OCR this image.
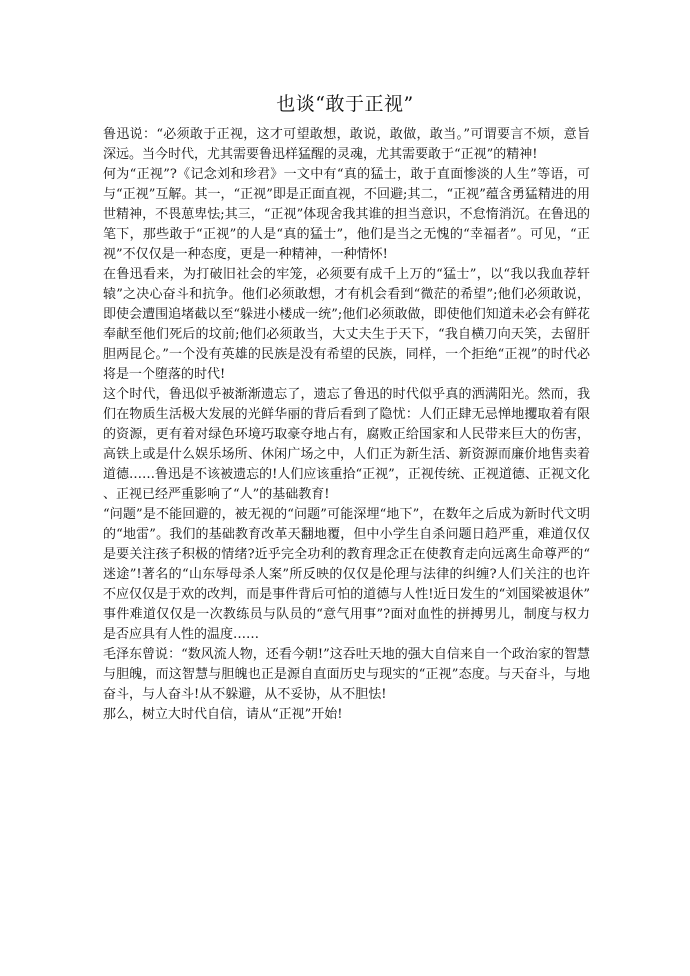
也谈“敢于正视”

鲁迅说：“必须敢于正视，这才可望敢想，敢说，敢做，敢当。”可谓要言不烦，意旨深远。当今时代，尤其需要鲁迅样猛醒的灵魂，尤其需要敢于“正视”的精神!

何为“正视”?《记念刘和珍君》一文中有“真的猛士，敢于直面惨淡的人生”等语，可与“正视”互解。其一，“正视”即是正面直视，不回避;其二，“正视”蕴含勇猛精进的用世精神，不畏葸卑怯;其三，“正视”体现舍我其谁的担当意识，不怠惰消沉。在鲁迅的笔下，那些敢于“正视”的人是“真的猛士”，他们是当之无愧的“幸福者”。可见，“正视”不仅仅是一种态度，更是一种精神，一种情怀!

在鲁迅看来，为打破旧社会的牢笼，必须要有成千上万的“猛士”，以“我以我血荐轩辕”之决心奋斗和抗争。他们必须敢想，才有机会看到“微茫的希望”;他们必须敢说，即使会遭围追堵截以至“躲进小楼成一统”;他们必须敢做，即使他们知道未必会有鲜花奉献至他们死后的坟前;他们必须敢当，大丈夫生于天下，“我自横刀向天笑，去留肝胆两昆仑。”一个没有英雄的民族是没有希望的民族，同样，一个拒绝“正视”的时代必将是一个堕落的时代!

这个时代，鲁迅似乎被渐渐遗忘了，遗忘了鲁迅的时代似乎真的洒满阳光。然而，我们在物质生活极大发展的光鲜华丽的背后看到了隐忧：人们正肆无忌惮地攫取着有限的资源，更有着对绿色环境巧取豪夺地占有，腐败正给国家和人民带来巨大的伤害，高铁上或是什么娱乐场所、休闲广场之中，人们正为新生活、新资源而廉价地售卖着道德……鲁迅是不该被遗忘的!人们应该重拾“正视”，正视传统、正视道德、正视文化、正视已经严重影响了“人”的基础教育!

“问题”是不能回避的，被无视的“问题”可能深埋“地下”，在数年之后成为新时代文明的“地雷”。我们的基础教育改革天翻地覆，但中小学生自杀问题日趋严重，难道仅仅是要关注孩子积极的情绪?近乎完全功利的教育理念正在使教育走向远离生命尊严的“迷途”!著名的“山东辱母杀人案”所反映的仅仅是伦理与法律的纠缠?人们关注的也许不应仅仅是于欢的改判，而是事件背后可怕的道德与人性!近日发生的“刘国梁被退休”事件难道仅仅是一次教练员与队员的“意气用事”?面对血性的拼搏男儿，制度与权力是否应具有人性的温度……

毛泽东曾说：“数风流人物，还看今朝!”这吞吐天地的强大自信来自一个政治家的智慧与胆魄，而这智慧与胆魄也正是源自直面历史与现实的“正视”态度。与天奋斗，与地奋斗，与人奋斗!从不躲避，从不妥协，从不胆怯!

那么，树立大时代自信，请从“正视”开始!
